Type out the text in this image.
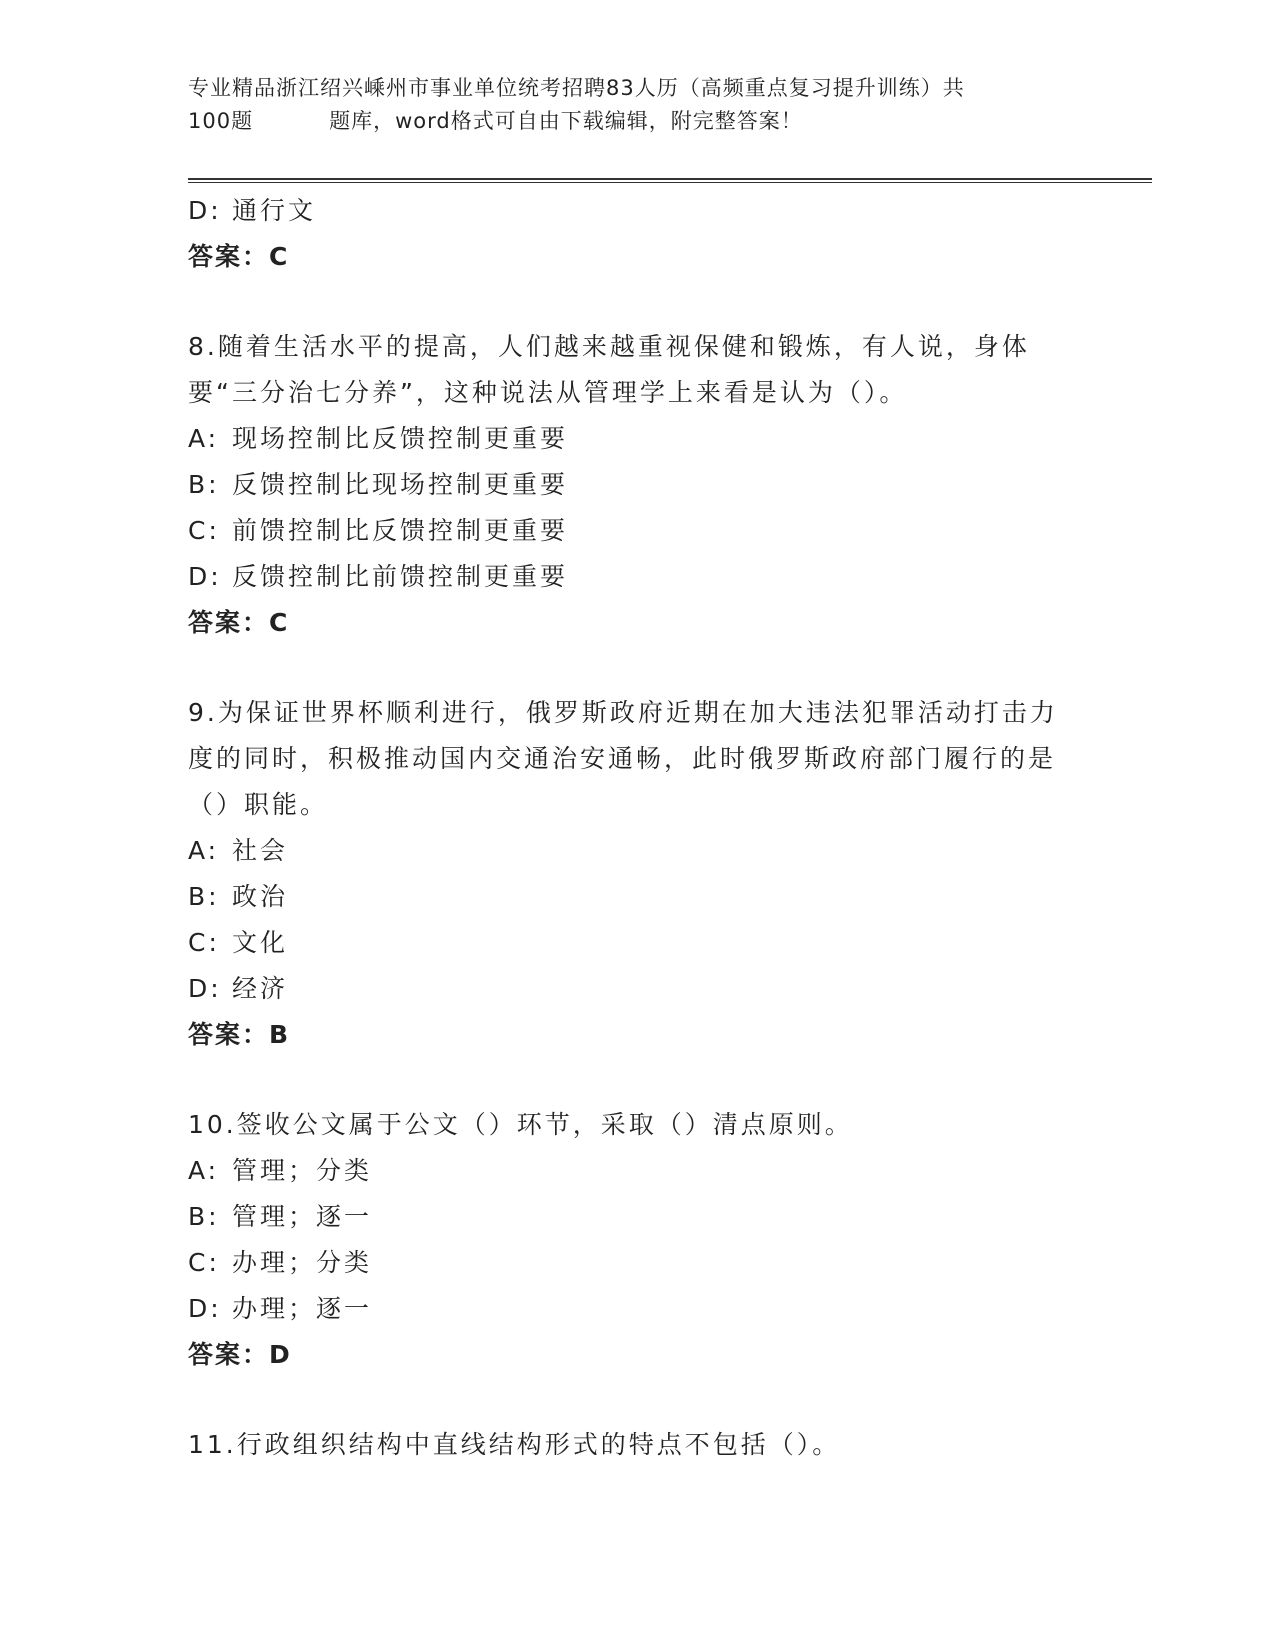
专业精品浙江绍兴嵊州市事业单位统考招聘83人历（高频重点复习提升训练）共
100题	题库，word格式可自由下载编辑，附完整答案！
D: 通行文
答案：C
8.随着生活水平的提高，人们越来越重视保健和锻炼，有人说，身体要“三分治七分养”，这种说法从管理学上来看是认为（）。
A: 现场控制比反馈控制更重要
B: 反馈控制比现场控制更重要
C: 前馈控制比反馈控制更重要
D: 反馈控制比前馈控制更重要
答案：C
9.为保证世界杯顺利进行，俄罗斯政府近期在加大违法犯罪活动打击力度的同时，积极推动国内交通治安通畅，此时俄罗斯政府部门履行的是（）职能。
A: 社会
B: 政治
C: 文化
D: 经济
答案：B
10.签收公文属于公文（）环节，采取（）清点原则。
A: 管理；分类
B: 管理；逐一
C: 办理；分类
D: 办理；逐一
答案：D
11.行政组织结构中直线结构形式的特点不包括（）。
